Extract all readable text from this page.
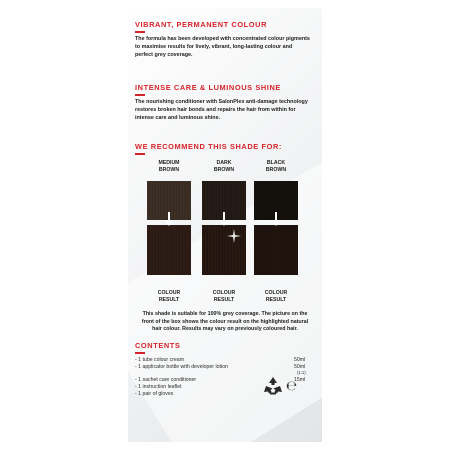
VIBRANT, PERMANENT COLOUR
The formula has been developed with concentrated colour pigments
to maximise results for lively, vibrant, long-lasting colour and
perfect grey coverage.
INTENSE CARE & LUMINOUS SHINE
The nourishing conditioner with SalonPlex anti-damage technology
restores broken hair bonds and repairs the hair from within for
intense care and luminous shine.
WE RECOMMEND THIS SHADE FOR:
MEDIUM
BROWN
DARK
BROWN
BLACK
BROWN
COLOUR
RESULT
COLOUR
RESULT
COLOUR
RESULT
This shade is suitable for 100% grey coverage. The picture on the
front of the box shows the colour result on the highlighted natural
hair colour. Results may vary on previously coloured hair.
CONTENTS
- 1 tube colour cream
- 1 applicator bottle with developer lotion
- 1 sachet care conditioner
- 1 instruction leaflet
- 1 pair of gloves
50ml
50ml
(1:1)
15ml
℮
